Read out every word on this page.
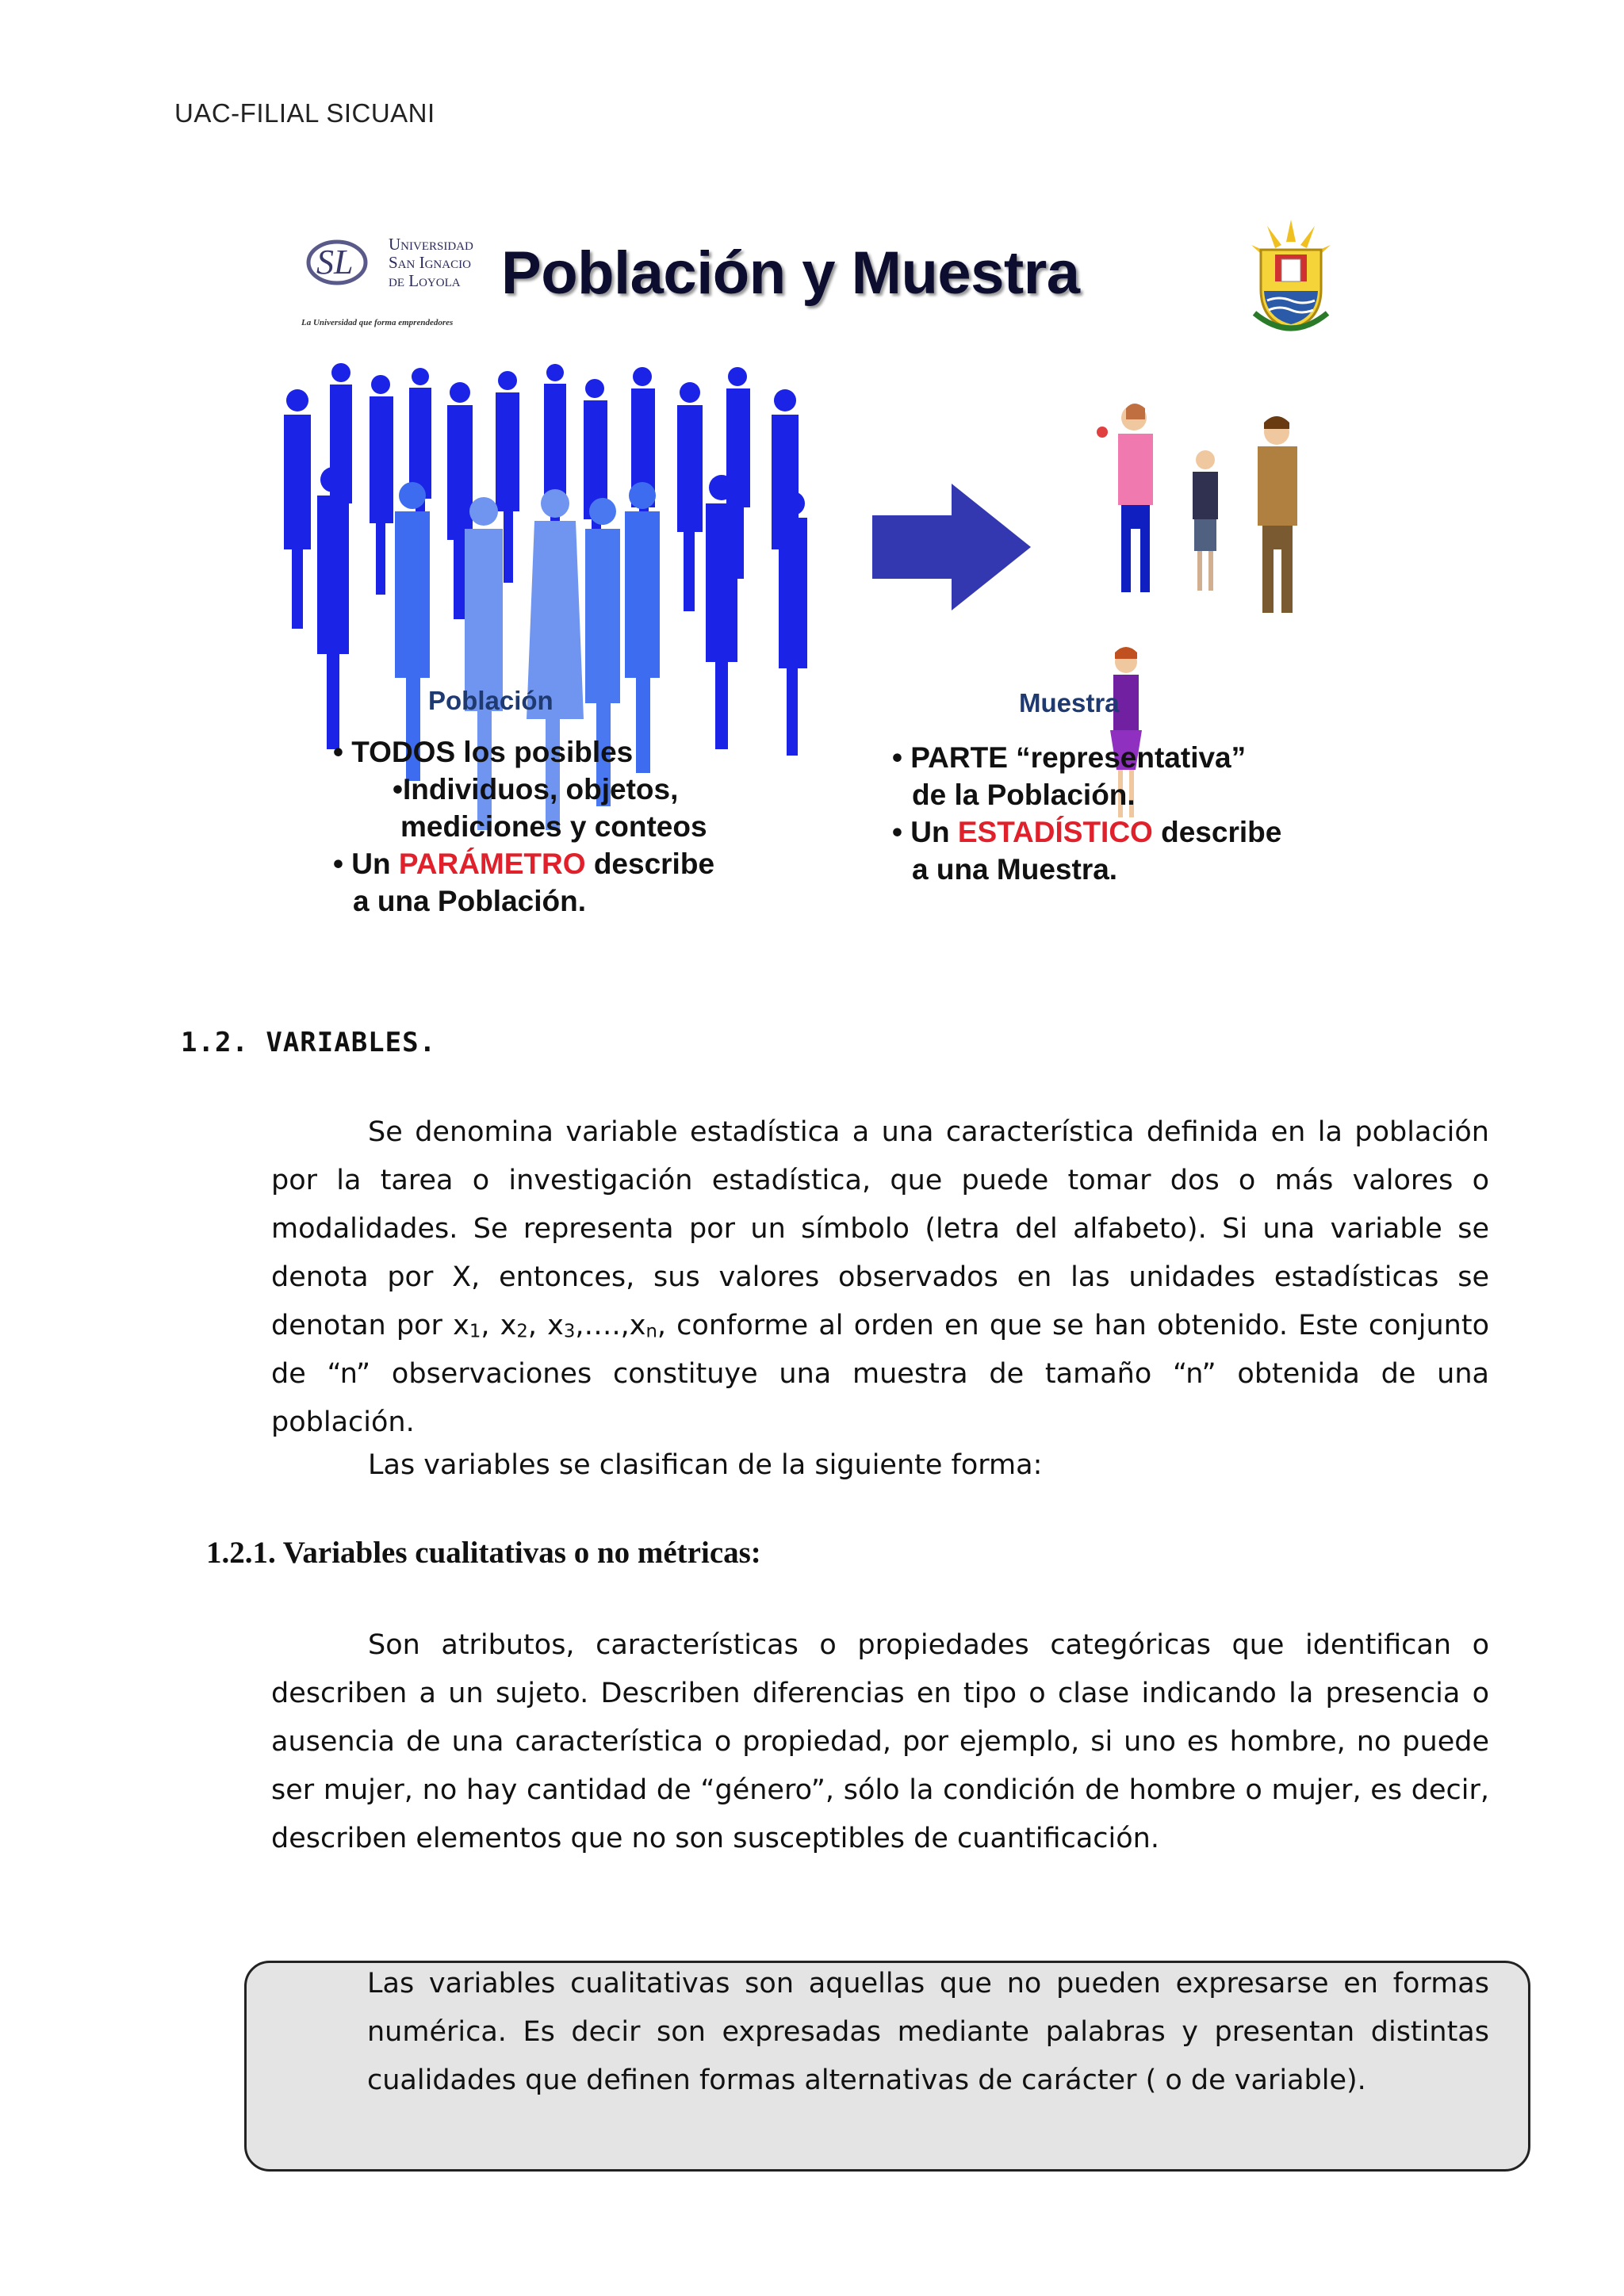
UAC-FILIAL SICUANI
SL Universidad
San Ignacio
de Loyola
La Universidad que forma emprendedores
Población y Muestra
Población	Muestra
• TODOS los posibles
•Individuos, objetos,
mediciones y conteos
• Un PARÁMETRO describe
a una Población.
• PARTE “representativa”
de la Población.
• Un ESTADÍSTICO describe
a una Muestra.
1.2. VARIABLES.

Se denomina variable estadística a una característica definida en la población por la tarea o investigación estadística, que puede tomar dos o más valores o modalidades. Se representa por un símbolo (letra del alfabeto). Si una variable se denota por X, entonces, sus valores observados en las unidades estadísticas se denotan por $x_1$, $x_2$, $x_3,\dots.,x_n$, conforme al orden en que se han obtenido. Este conjunto de “n” observaciones constituye una muestra de tamaño “n” obtenida de una población.

Las variables se clasifican de la siguiente forma:

1.2.1. Variables cualitativas o no métricas:

Son atributos, características o propiedades categóricas que identifican o describen a un sujeto. Describen diferencias en tipo o clase indicando la presencia o ausencia de una característica o propiedad, por ejemplo, si uno es hombre, no puede ser mujer, no hay cantidad de “género”, sólo la condición de hombre o mujer, es decir, describen elementos que no son susceptibles de cuantificación.

Las variables cualitativas son aquellas que no pueden expresarse en formas numérica. Es decir son expresadas mediante palabras y presentan distintas cualidades que definen formas alternativas de carácter ( o de variable).
